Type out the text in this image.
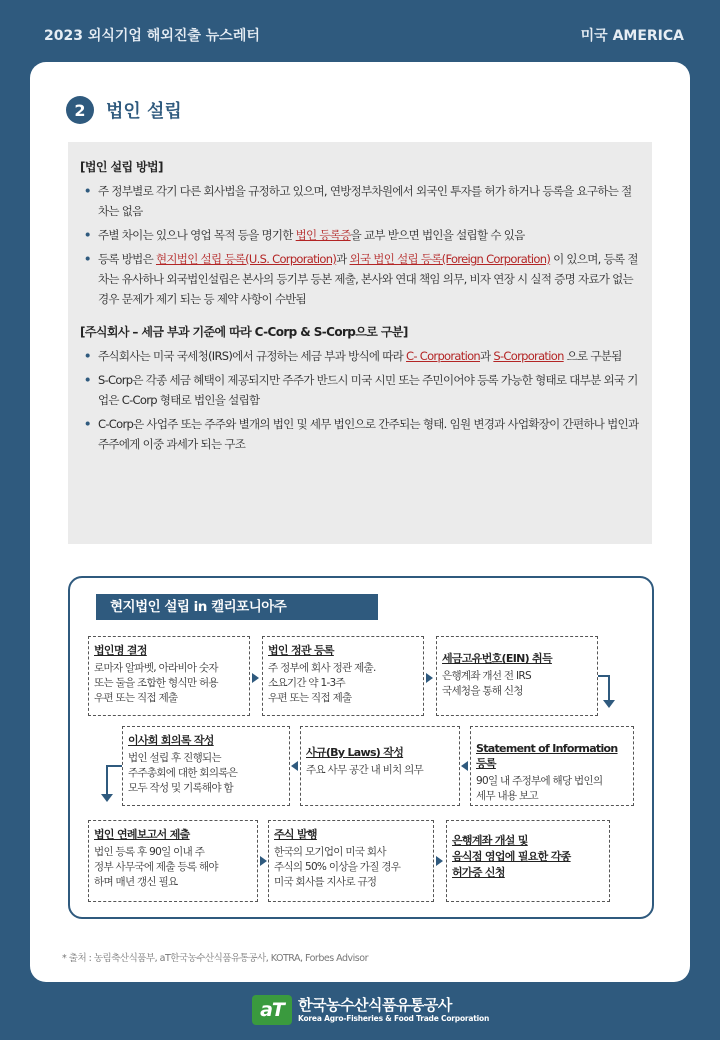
2023 외식기업 해외진출 뉴스레터	미국 AMERICA
2	법인 설립
[법인 설립 방법]
• 주 정부별로 각기 다른 회사법을 규정하고 있으며, 연방정부차원에서 외국인 투자를 허가 하거나 등록을 요구하는 절차는 없음
• 주별 차이는 있으나 영업 목적 등을 명기한 법인 등록증을 교부 받으면 법인을 설립할 수 있음
• 등록 방법은 현지법인 설립 등록(U.S. Corporation)과 외국 법인 설립 등록(Foreign Corporation) 이 있으며, 등록 절차는 유사하나 외국법인설립은 본사의 등기부 등본 제출, 본사와 연대 책임 의무, 비자 연장 시 실적 증명 자료가 없는 경우 문제가 제기 되는 등 제약 사항이 수반됨
[주식회사 – 세금 부과 기준에 따라 C-Corp & S-Corp으로 구분]
• 주식회사는 미국 국세청(IRS)에서 규정하는 세금 부과 방식에 따라 C- Corporation과 S-Corporation 으로 구분됨
• S-Corp은 각종 세금 혜택이 제공되지만 주주가 반드시 미국 시민 또는 주민이어야 등록 가능한 형태로 대부분 외국 기업은 C-Corp 형태로 법인을 설립함
• C-Corp은 사업주 또는 주주와 별개의 법인 및 세무 법인으로 간주되는 형태. 임원 변경과 사업확장이 간편하나 법인과 주주에게 이중 과세가 되는 구조
현지법인 설립 in 캘리포니아주
법인명 결정
로마자 알파벳, 아라비아 숫자
또는 둘을 조합한 형식만 허용
우편 또는 직접 제출
법인 정관 등록
주 정부에 회사 정관 제출.
소요기간 약 1-3주
우편 또는 직접 제출
세금고유번호(EIN) 취득
은행계좌 개선 전 IRS
국세청을 통해 신청
이사회 회의록 작성
법인 설립 후 진행되는
주주총회에 대한 회의록은
모두 작성 및 기록해야 함
사규(By Laws) 작성
주요 사무 공간 내 비치 의무
Statement of Information 등록
90일 내 주정부에 해당 법인의
세무 내용 보고
법인 연례보고서 제출
법인 등록 후 90일 이내 주
정부 사무국에 제출 등록 해야
하며 매년 갱신 필요
주식 발행
한국의 모기업이 미국 회사
주식의 50% 이상을 가질 경우
미국 회사를 지사로 규정
은행계좌 개설 및
음식점 영업에 필요한 각종
허가증 신청
* 출처 : 농림축산식품부, aT한국농수산식품유통공사, KOTRA, Forbes Advisor
aT 한국농수산식품유통공사
Korea Agro-Fisheries & Food Trade Corporation
